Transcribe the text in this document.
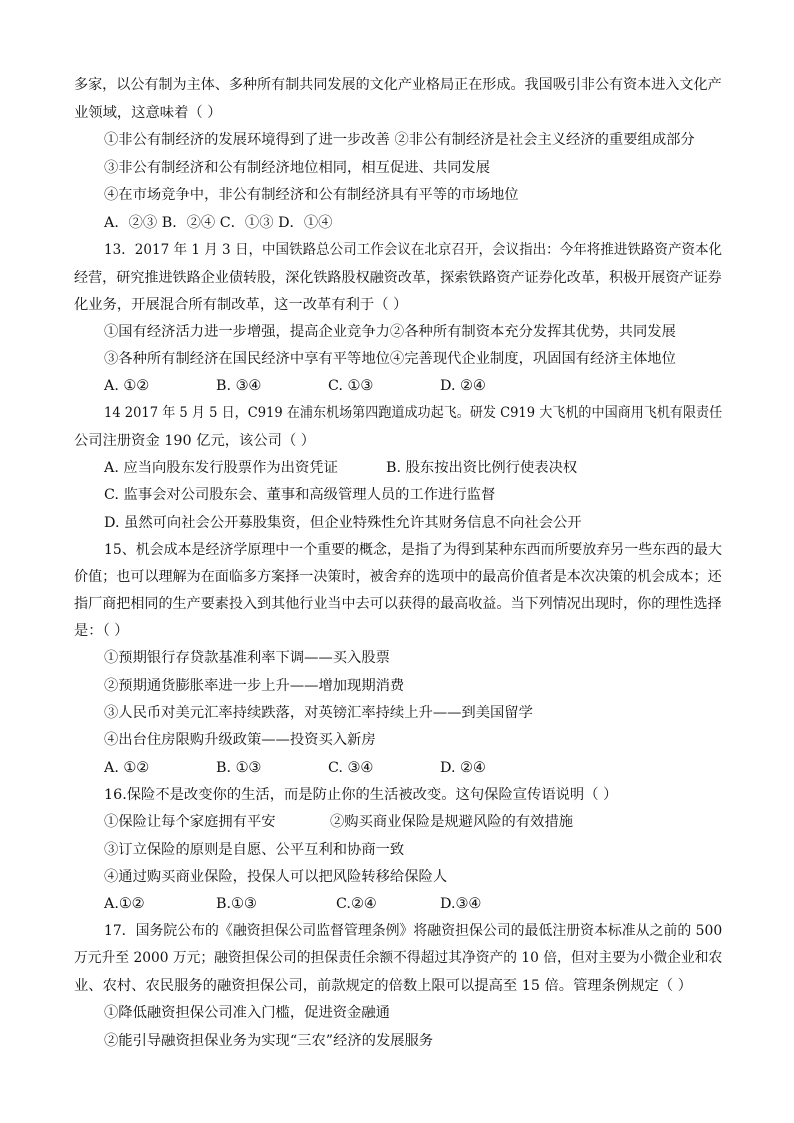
多家，以公有制为主体、多种所有制共同发展的文化产业格局正在形成。我国吸引非公有资本进入文化产
业领域，这意味着（ ）
①非公有制经济的发展环境得到了进一步改善 ②非公有制经济是社会主义经济的重要组成部分
③非公有制经济和公有制经济地位相同，相互促进、共同发展
④在市场竞争中，非公有制经济和公有制经济具有平等的市场地位
A．②③ B．②④ C．①③ D．①④
13．2017 年 1 月 3 日，中国铁路总公司工作会议在北京召开，会议指出：今年将推进铁路资产资本化
经营，研究推进铁路企业债转股，深化铁路股权融资改革，探索铁路资产证券化改革，积极开展资产证券
化业务，开展混合所有制改革，这一改革有利于（ ）
①国有经济活力进一步增强，提高企业竞争力②各种所有制资本充分发挥其优势，共同发展
③各种所有制经济在国民经济中享有平等地位④完善现代企业制度，巩固国有经济主体地位
A. ①②	B. ③④	C. ①③	D. ②④
14 2017 年 5 月 5 日，C919 在浦东机场第四跑道成功起飞。研发 C919 大飞机的中国商用飞机有限责任
公司注册资金 190 亿元，该公司（ ）
A. 应当向股东发行股票作为出资凭证	B. 股东按出资比例行使表决权
C. 监事会对公司股东会、董事和高级管理人员的工作进行监督
D. 虽然可向社会公开募股集资，但企业特殊性允许其财务信息不向社会公开
15、机会成本是经济学原理中一个重要的概念，是指了为得到某种东西而所要放弃另一些东西的最大
价值；也可以理解为在面临多方案择一决策时，被舍弃的选项中的最高价值者是本次决策的机会成本；还
指厂商把相同的生产要素投入到其他行业当中去可以获得的最高收益。当下列情况出现时，你的理性选择
是：（ ）
①预期银行存贷款基准利率下调——买入股票
②预期通货膨胀率进一步上升——增加现期消费
③人民币对美元汇率持续跌落，对英镑汇率持续上升——到美国留学
④出台住房限购升级政策——投资买入新房
A. ①②	B. ①③	C. ③④	D. ②④
16.保险不是改变你的生活，而是防止你的生活被改变。这句保险宣传语说明（ ）
①保险让每个家庭拥有平安	②购买商业保险是规避风险的有效措施
③订立保险的原则是自愿、公平互利和协商一致
④通过购买商业保险，投保人可以把风险转移给保险人
A.①②	B.①③	C.②④	D.③④
17．国务院公布的《融资担保公司监督管理条例》将融资担保公司的最低注册资本标准从之前的 500
万元升至 2000 万元；融资担保公司的担保责任余额不得超过其净资产的 10 倍，但对主要为小微企业和农
业、农村、农民服务的融资担保公司，前款规定的倍数上限可以提高至 15 倍。管理条例规定（ ）
①降低融资担保公司准入门槛，促进资金融通
②能引导融资担保业务为实现“三农”经济的发展服务
